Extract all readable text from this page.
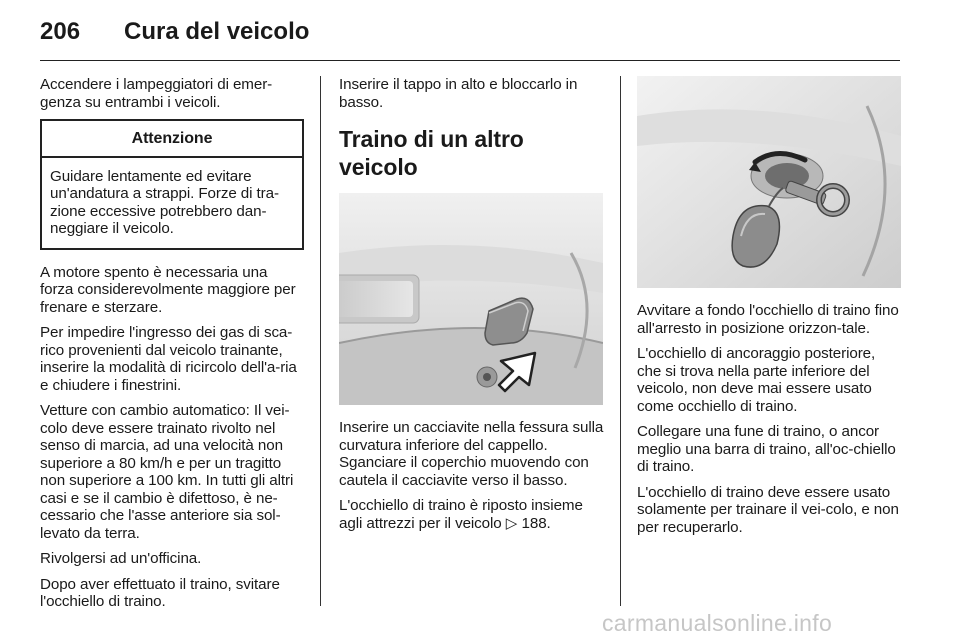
206 Cura del veicolo

Accendere i lampeggiatori di emer-genza su entrambi i veicoli.

Attenzione
Guidare lentamente ed evitare un'andatura a strappi. Forze di tra-zione eccessive potrebbero dan-neggiare il veicolo.

A motore spento è necessaria una forza considerevolmente maggiore per frenare e sterzare.

Per impedire l'ingresso dei gas di sca-rico provenienti dal veicolo trainante, inserire la modalità di ricircolo dell'a-ria e chiudere i finestrini.

Vetture con cambio automatico: Il vei-colo deve essere trainato rivolto nel senso di marcia, ad una velocità non superiore a 80 km/h e per un tragitto non superiore a 100 km. In tutti gli altri casi e se il cambio è difettoso, è ne-cessario che l'asse anteriore sia sol-levato da terra.

Rivolgersi ad un'officina.

Dopo aver effettuato il traino, svitare l'occhiello di traino.

Inserire il tappo in alto e bloccarlo in basso.

Traino di un altro veicolo

Inserire un cacciavite nella fessura sulla curvatura inferiore del cappello. Sganciare il coperchio muovendo con cautela il cacciavite verso il basso.

L'occhiello di traino è riposto insieme agli attrezzi per il veicolo ▷ 188.

Avvitare a fondo l'occhiello di traino fino all'arresto in posizione orizzon-tale.

L'occhiello di ancoraggio posteriore, che si trova nella parte inferiore del veicolo, non deve mai essere usato come occhiello di traino.

Collegare una fune di traino, o ancor meglio una barra di traino, all'oc-chiello di traino.

L'occhiello di traino deve essere usato solamente per trainare il vei-colo, e non per recuperarlo.

carmanualsonline.info
